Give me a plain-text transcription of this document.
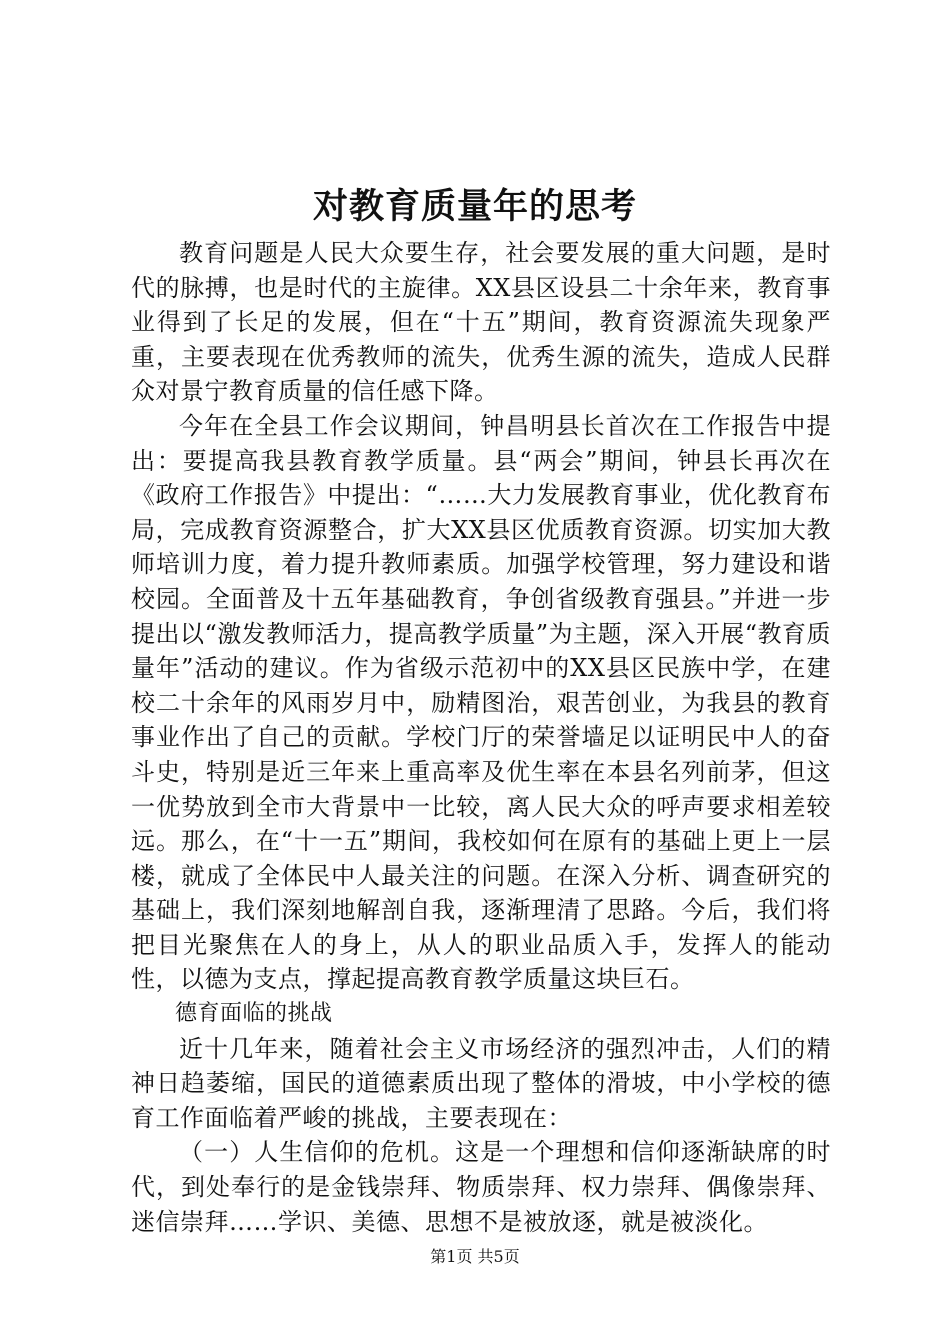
对教育质量年的思考

教育问题是人民大众要生存，社会要发展的重大问题，是时代的脉搏，也是时代的主旋律。XX县区设县二十余年来，教育事业得到了长足的发展，但在“十五”期间，教育资源流失现象严重，主要表现在优秀教师的流失，优秀生源的流失，造成人民群众对景宁教育质量的信任感下降。

今年在全县工作会议期间，钟昌明县长首次在工作报告中提出：要提高我县教育教学质量。县“两会”期间，钟县长再次在《政府工作报告》中提出：“……大力发展教育事业，优化教育布局，完成教育资源整合，扩大XX县区优质教育资源。切实加大教师培训力度，着力提升教师素质。加强学校管理，努力建设和谐校园。全面普及十五年基础教育，争创省级教育强县。”并进一步提出以“激发教师活力，提高教学质量”为主题，深入开展“教育质量年”活动的建议。作为省级示范初中的XX县区民族中学，在建校二十余年的风雨岁月中，励精图治，艰苦创业，为我县的教育事业作出了自己的贡献。学校门厅的荣誉墙足以证明民中人的奋斗史，特别是近三年来上重高率及优生率在本县名列前茅，但这一优势放到全市大背景中一比较，离人民大众的呼声要求相差较远。那么，在“十一五”期间，我校如何在原有的基础上更上一层楼，就成了全体民中人最关注的问题。在深入分析、调查研究的基础上，我们深刻地解剖自我，逐渐理清了思路。今后，我们将把目光聚焦在人的身上，从人的职业品质入手，发挥人的能动性，以德为支点，撑起提高教育教学质量这块巨石。

德育面临的挑战

近十几年来，随着社会主义市场经济的强烈冲击，人们的精神日趋萎缩，国民的道德素质出现了整体的滑坡，中小学校的德育工作面临着严峻的挑战，主要表现在：

（一）人生信仰的危机。这是一个理想和信仰逐渐缺席的时代，到处奉行的是金钱崇拜、物质崇拜、权力崇拜、偶像崇拜、迷信崇拜……学识、美德、思想不是被放逐，就是被淡化。

第1页 共5页
